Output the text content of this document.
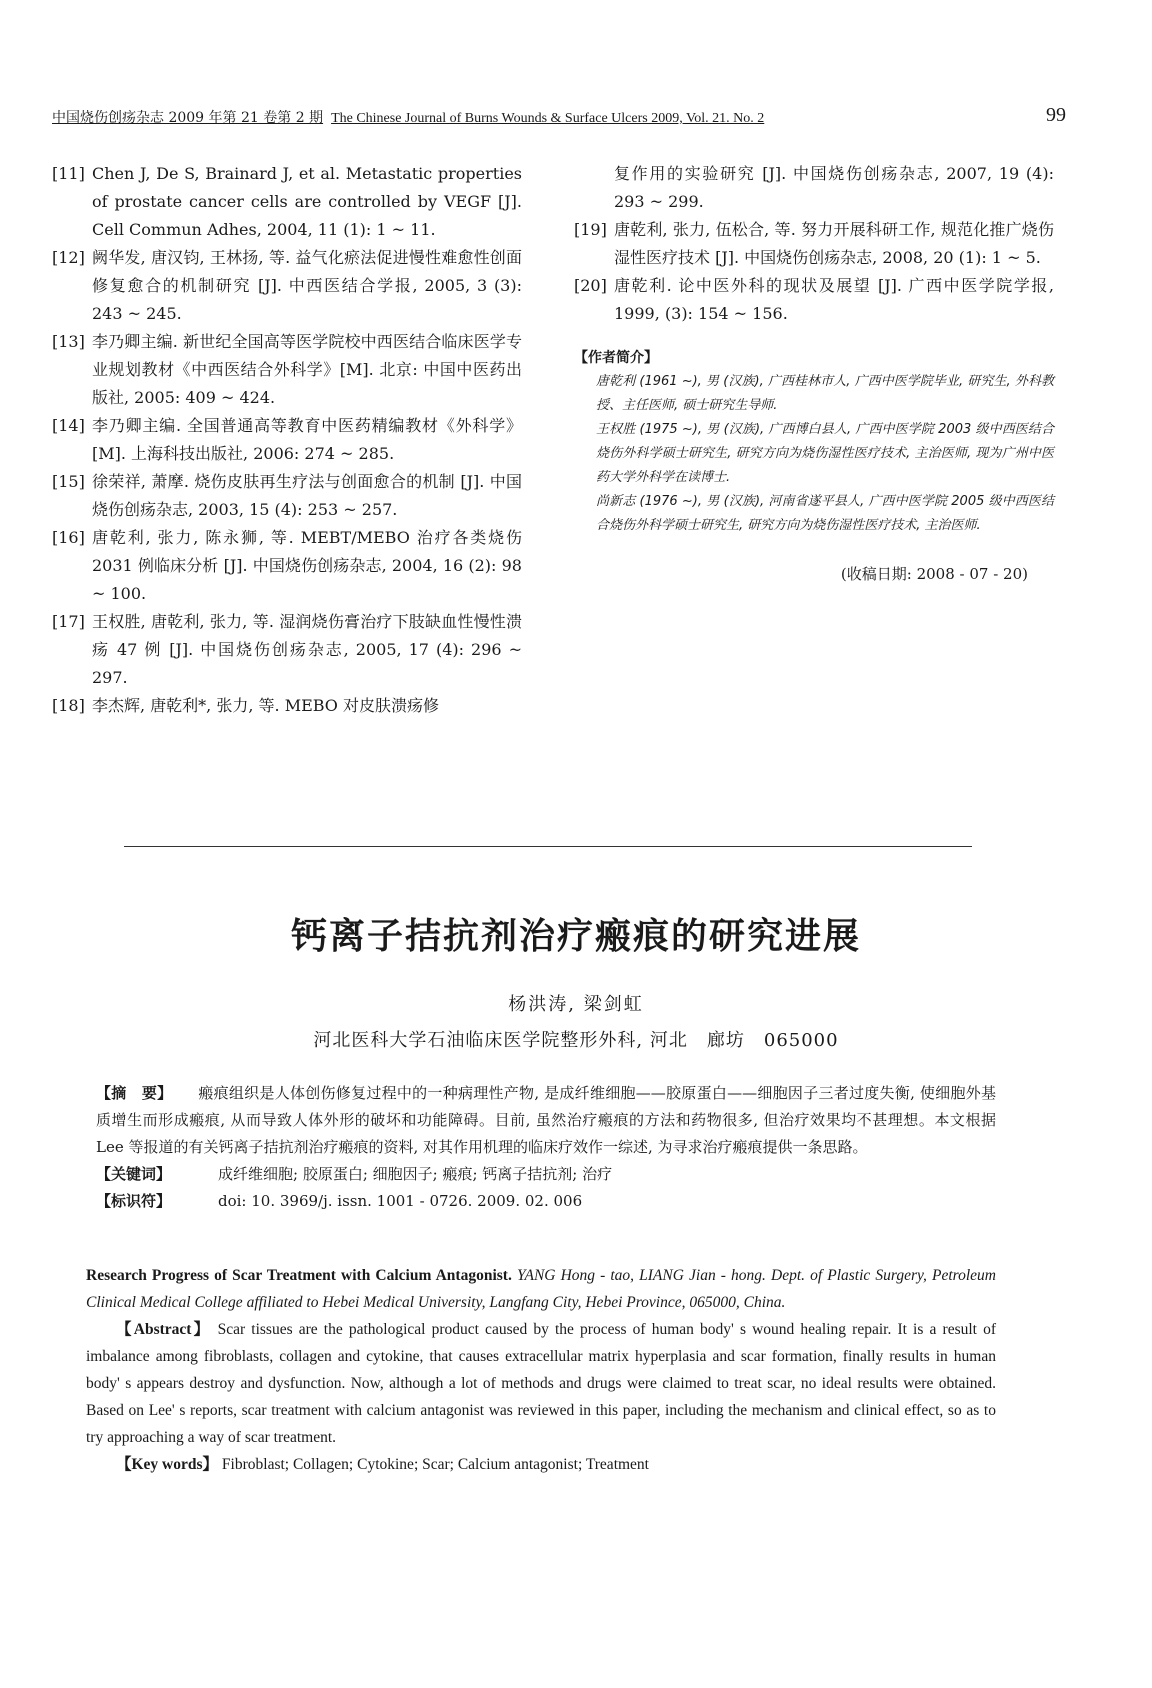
中国烧伤创疡杂志 2009 年第 21 卷第 2 期 The Chinese Journal of Burns Wounds & Surface Ulcers 2009, Vol. 21. No. 2	99
[11] Chen J, De S, Brainard J, et al. Metastatic properties of prostate cancer cells are controlled by VEGF [J]. Cell Commun Adhes, 2004, 11 (1): 1 ~ 11.
[12] 阙华发, 唐汉钧, 王林扬, 等. 益气化瘀法促进慢性难愈性创面修复愈合的机制研究 [J]. 中西医结合学报, 2005, 3 (3): 243 ~ 245.
[13] 李乃卿主编. 新世纪全国高等医学院校中西医结合临床医学专业规划教材《中西医结合外科学》[M]. 北京: 中国中医药出版社, 2005: 409 ~ 424.
[14] 李乃卿主编. 全国普通高等教育中医药精编教材《外科学》[M]. 上海科技出版社, 2006: 274 ~ 285.
[15] 徐荣祥, 萧摩. 烧伤皮肤再生疗法与创面愈合的机制 [J]. 中国烧伤创疡杂志, 2003, 15 (4): 253 ~ 257.
[16] 唐乾利, 张力, 陈永狮, 等. MEBT/MEBO 治疗各类烧伤 2031 例临床分析 [J]. 中国烧伤创疡杂志, 2004, 16 (2): 98 ~ 100.
[17] 王权胜, 唐乾利, 张力, 等. 湿润烧伤膏治疗下肢缺血性慢性溃疡 47 例 [J]. 中国烧伤创疡杂志, 2005, 17 (4): 296 ~ 297.
[18] 李杰辉, 唐乾利*, 张力, 等. MEBO 对皮肤溃疡修
复作用的实验研究 [J]. 中国烧伤创疡杂志, 2007, 19 (4): 293 ~ 299.
[19] 唐乾利, 张力, 伍松合, 等. 努力开展科研工作, 规范化推广烧伤湿性医疗技术 [J]. 中国烧伤创疡杂志, 2008, 20 (1): 1 ~ 5.
[20] 唐乾利. 论中医外科的现状及展望 [J]. 广西中医学院学报, 1999, (3): 154 ~ 156.
【作者简介】
唐乾利 (1961 ~), 男 (汉族), 广西桂林市人, 广西中医学院毕业, 研究生, 外科教授、主任医师, 硕士研究生导师.
王权胜 (1975 ~), 男 (汉族), 广西博白县人, 广西中医学院 2003 级中西医结合烧伤外科学硕士研究生, 研究方向为烧伤湿性医疗技术, 主治医师, 现为广州中医药大学外科学在读博士.
尚新志 (1976 ~), 男 (汉族), 河南省遂平县人, 广西中医学院 2005 级中西医结合烧伤外科学硕士研究生, 研究方向为烧伤湿性医疗技术, 主治医师.
(收稿日期: 2008 - 07 - 20)
钙离子拮抗剂治疗瘢痕的研究进展
杨洪涛, 梁剑虹
河北医科大学石油临床医学院整形外科, 河北　廊坊　065000
【摘　要】 瘢痕组织是人体创伤修复过程中的一种病理性产物, 是成纤维细胞——胶原蛋白——细胞因子三者过度失衡, 使细胞外基质增生而形成瘢痕, 从而导致人体外形的破坏和功能障碍。目前, 虽然治疗瘢痕的方法和药物很多, 但治疗效果均不甚理想。本文根据 Lee 等报道的有关钙离子拮抗剂治疗瘢痕的资料, 对其作用机理的临床疗效作一综述, 为寻求治疗瘢痕提供一条思路。
【关键词】	成纤维细胞; 胶原蛋白; 细胞因子; 瘢痕; 钙离子拮抗剂; 治疗
【标识符】	doi: 10. 3969/j. issn. 1001 - 0726. 2009. 02. 006

Research Progress of Scar Treatment with Calcium Antagonist. YANG Hong - tao, LIANG Jian - hong. Dept. of Plastic Surgery, Petroleum Clinical Medical College affiliated to Hebei Medical University, Langfang City, Hebei Province, 065000, China.

【Abstract】 Scar tissues are the pathological product caused by the process of human body' s wound healing repair. It is a result of imbalance among fibroblasts, collagen and cytokine, that causes extracellular matrix hyperplasia and scar formation, finally results in human body' s appears destroy and dysfunction. Now, although a lot of methods and drugs were claimed to treat scar, no ideal results were obtained. Based on Lee' s reports, scar treatment with calcium antagonist was reviewed in this paper, including the mechanism and clinical effect, so as to try approaching a way of scar treatment.

【Key words】 Fibroblast; Collagen; Cytokine; Scar; Calcium antagonist; Treatment
